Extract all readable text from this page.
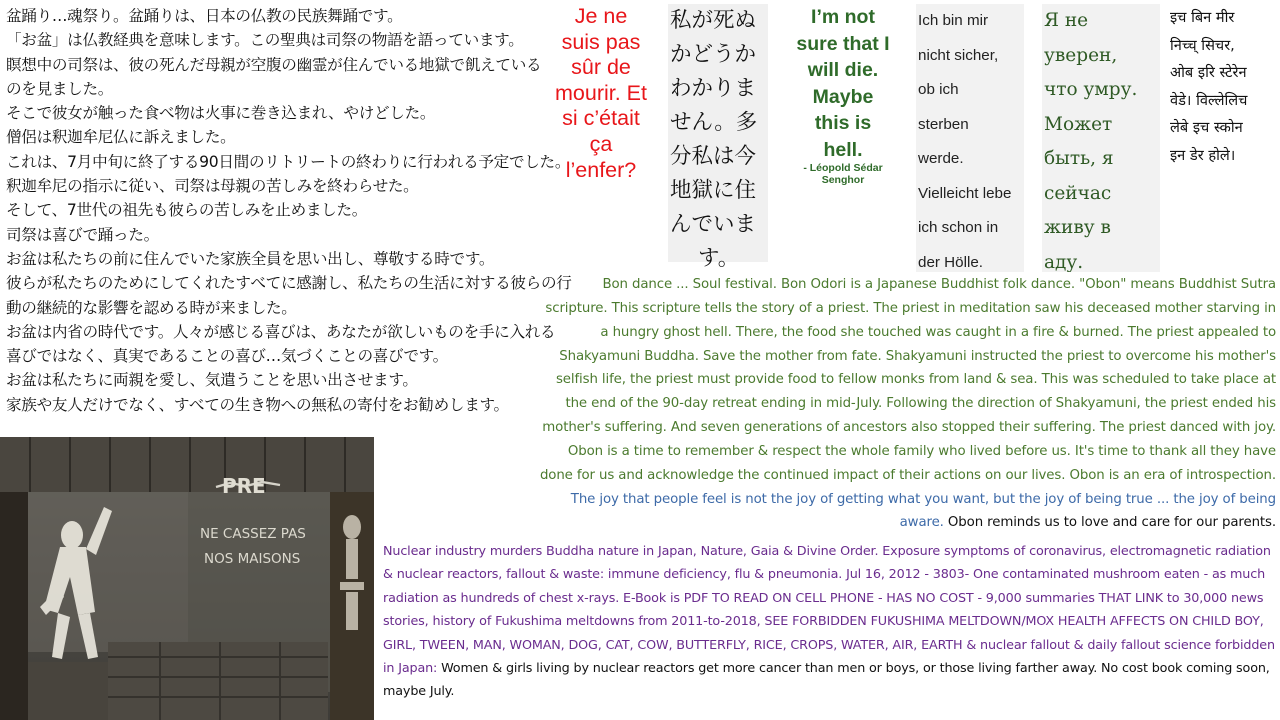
盆踊り…魂祭り。盆踊りは、日本の仏教の民族舞踊です。
「お盆」は仏教経典を意味します。この聖典は司祭の物語を語っています。
瞑想中の司祭は、彼の死んだ母親が空腹の幽霊が住んでいる地獄で飢えている
のを見ました。
そこで彼女が触った食べ物は火事に巻き込まれ、やけどした。
僧侶は釈迦牟尼仏に訴えました。
これは、7月中旬に終了する90日間のリトリートの終わりに行われる予定でした。
釈迦牟尼の指示に従い、司祭は母親の苦しみを終わらせた。
そして、7世代の祖先も彼らの苦しみを止めました。
司祭は喜びで踊った。
お盆は私たちの前に住んでいた家族全員を思い出し、尊敬する時です。
彼らが私たちのためにしてくれたすべてに感謝し、私たちの生活に対する彼らの行
動の継続的な影響を認める時が来ました。
お盆は内省の時代です。人々が感じる喜びは、あなたが欲しいものを手に入れる
喜びではなく、真実であることの喜び…気づくことの喜びです。
お盆は私たちに両親を愛し、気遣うことを思い出させます。
家族や友人だけでなく、すべての生き物への無私の寄付をお勧めします。
Je ne
suis pas
sûr de
mourir. Et
si c’était
ça
l’enfer?
私が死ぬ
かどうか
わかりま
せん。多
分私は今
地獄に住
んでいま
す。
I’m not
sure that I
will die.
Maybe
this is
hell.
- Léopold Sédar
Senghor
Ich bin mir
nicht sicher,
ob ich
sterben
werde.
Vielleicht lebe
ich schon in
der Hölle.
Я не
уверен,
что умру.
Может
быть, я
сейчас
живу в
аду.
इच बिन मीर
निच्च् सिचर,
ओब इरि स्टेरेन
वेडे। विल्लेलिच
लेबे इच स्कोन
इन डेर होले।
Bon dance ... Soul festival. Bon Odori is a Japanese Buddhist folk dance. "Obon" means Buddhist Sutra scripture. This scripture tells the story of a priest. The priest in meditation saw his deceased mother starving in a hungry ghost hell. There, the food she touched was caught in a fire & burned. The priest appealed to Shakyamuni Buddha. Save the mother from fate. Shakyamuni instructed the priest to overcome his mother's selfish life, the priest must provide food to fellow monks from land & sea. This was scheduled to take place at the end of the 90-day retreat ending in mid-July. Following the direction of Shakyamuni, the priest ended his mother's suffering. And seven generations of ancestors also stopped their suffering. The priest danced with joy. Obon is a time to remember & respect the whole family who lived before us. It's time to thank all they have done for us and acknowledge the continued impact of their actions on our lives. Obon is an era of introspection. The joy that people feel is not the joy of getting what you want, but the joy of being true ... the joy of being aware. Obon reminds us to love and care for our parents.
PRE
NE CASSEZ PAS
NOS MAISONS	Nuclear industry murders Buddha nature in Japan, Nature, Gaia & Divine Order. Exposure symptoms of coronavirus, electromagnetic radiation & nuclear reactors, fallout & waste: immune deficiency, flu & pneumonia. Jul 16, 2012 - 3803- One contaminated mushroom eaten - as much radiation as hundreds of chest x-rays. E-Book is PDF TO READ ON CELL PHONE - HAS NO COST - 9,000 summaries THAT LINK to 30,000 news stories, history of Fukushima meltdowns from 2011-to-2018, SEE FORBIDDEN FUKUSHIMA MELTDOWN/MOX HEALTH AFFECTS ON CHILD BOY, GIRL, TWEEN, MAN, WOMAN, DOG, CAT, COW, BUTTERFLY, RICE, CROPS, WATER, AIR, EARTH & nuclear fallout & daily fallout science forbidden in Japan: Women & girls living by nuclear reactors get more cancer than men or boys, or those living farther away. No cost book coming soon, maybe July.
